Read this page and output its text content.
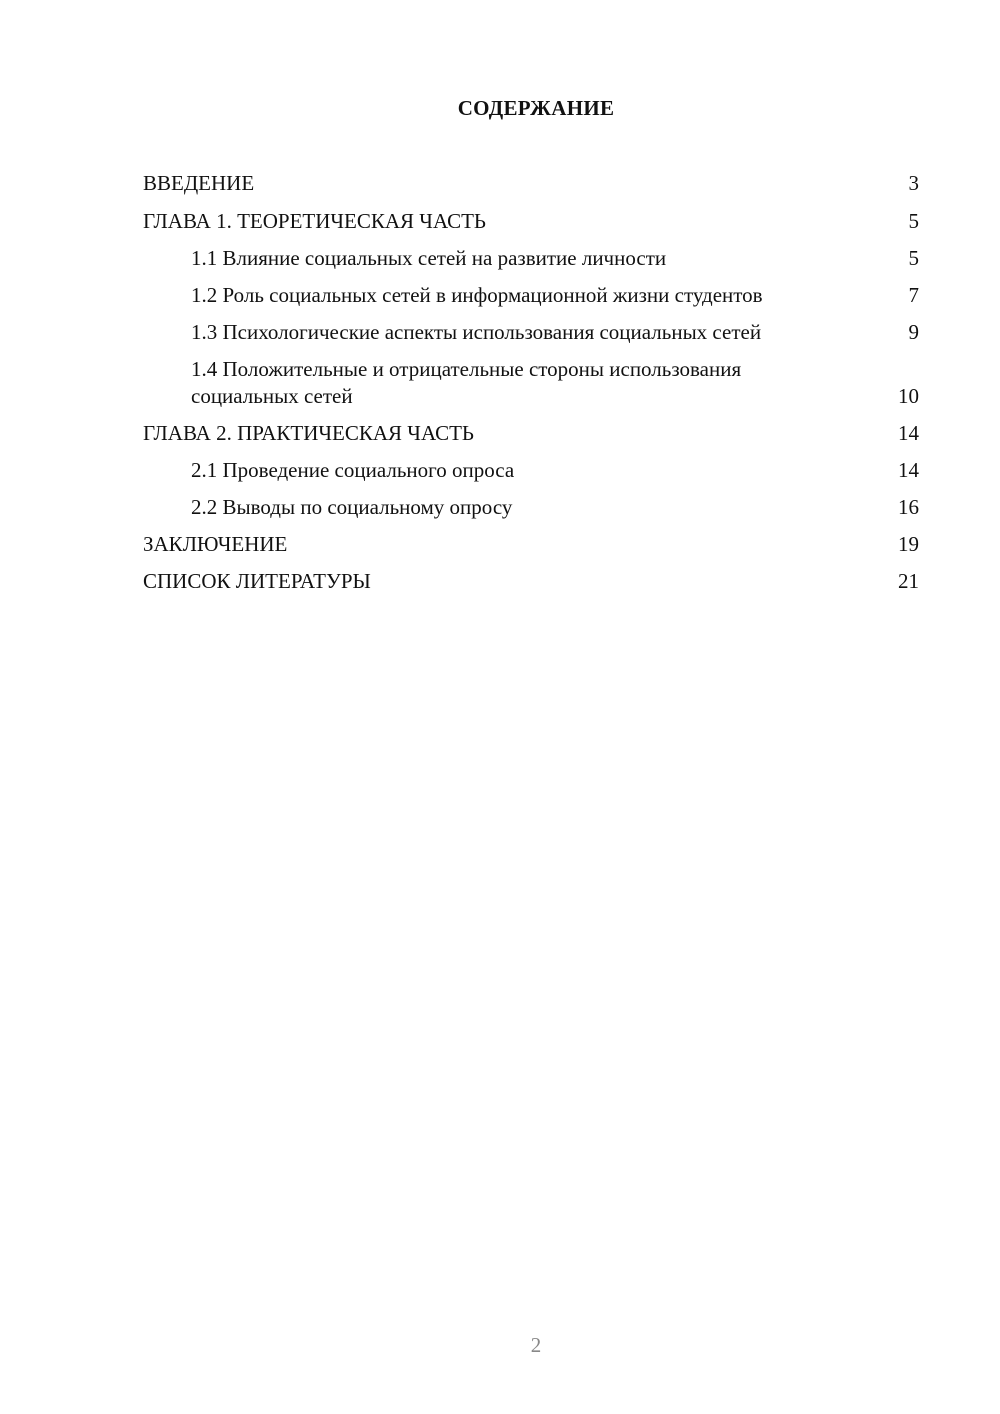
СОДЕРЖАНИЕ
ВВЕДЕНИЕ	3
ГЛАВА 1. ТЕОРЕТИЧЕСКАЯ ЧАСТЬ	5
1.1 Влияние социальных сетей на развитие личности	5
1.2 Роль социальных сетей в информационной жизни студентов	7
1.3 Психологические аспекты использования социальных сетей	9
1.4 Положительные и отрицательные стороны использования социальных сетей	10
ГЛАВА 2. ПРАКТИЧЕСКАЯ ЧАСТЬ	14
2.1 Проведение социального опроса	14
2.2 Выводы по социальному опросу	16
ЗАКЛЮЧЕНИЕ	19
СПИСОК ЛИТЕРАТУРЫ	21
2
